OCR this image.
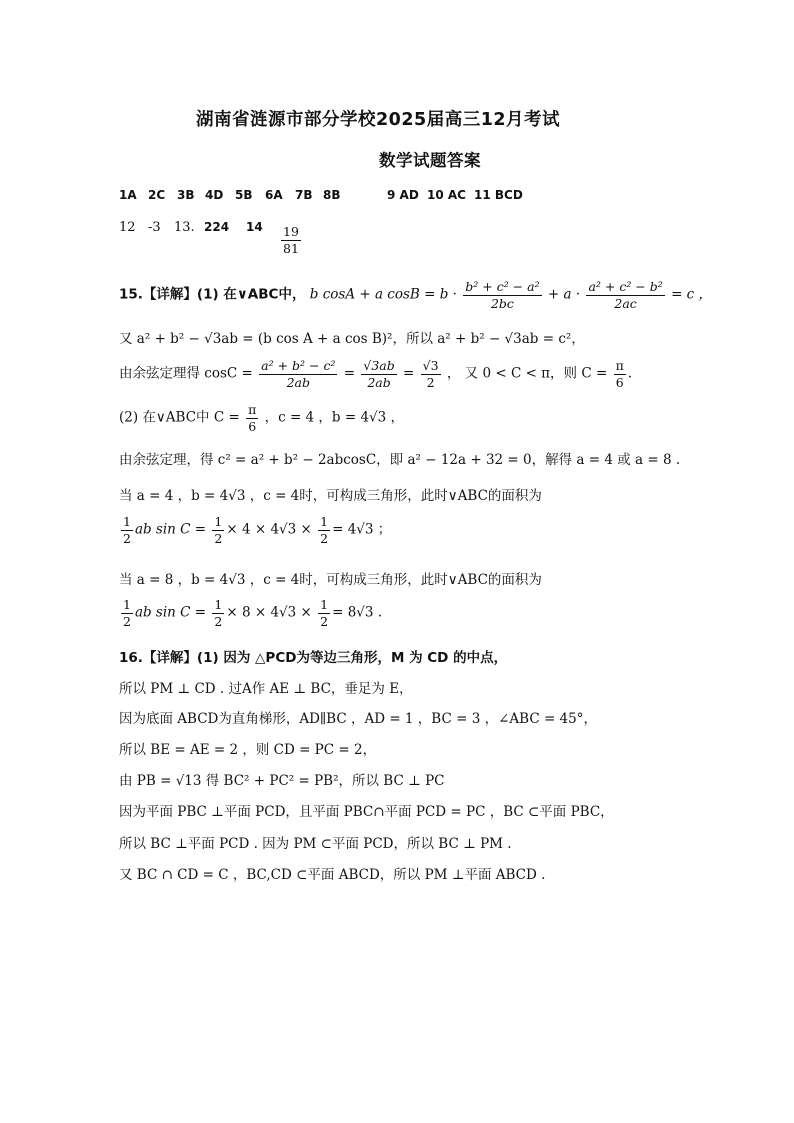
湖南省涟源市部分学校2025届高三12月考试
数学试题答案
1A 2C 3B 4D 5B 6A 7B 8B	9 AD 10 AC 11 BCD
12 -3 13. 224 $14 \frac{19}{81}$
15.【详解】(1) 在∨ABC中， b cosA + a $\cos B = b \cdot \frac{\text{b² + c² − a²}}{2bc} + a \cdot \frac{\text{a² + c² − b²}}{2ac} = c$ ，
又 a² + b² − √3ab = (b cos A + a cos B)²，所以 a² + b² − √3ab = c²，
由余弦定理得 $\cos C = \frac{\text{a² + b² − c²}}{2ab} = \frac{√3ab}{2ab} = \frac{√3}{2}$ ， 又 0 < C < π，则 $C = \frac{\pi}{6}$ .
(2) 在∨ABC中 $C = \frac{\pi}{6}$ ，c = 4 ，b = 4√3 ，
由余弦定理，得 c² = a² + b² − 2abcosC，即 a² − 12a + 32 = 0，解得 a = 4 或 a = 8 .
当 a = 4 ，b = 4√3 ，c = 4时，可构成三角形，此时∨ABC的面积为
$\frac{1}{2}$ ab $\sin C = \frac{1}{2} \times 4 \times 4√3 \times \frac{1}{2} = 4√3$ ；
当 a = 8 ，b = 4√3 ，c = 4时，可构成三角形，此时∨ABC的面积为
$\frac{1}{2}$ ab $\sin C = \frac{1}{2} \times 8 \times 4√3 \times \frac{1}{2} = 8√3$ .
16.【详解】(1) 因为 △PCD为等边三角形，M 为 CD 的中点，
所以 PM ⊥ CD . 过A作 AE ⊥ BC，垂足为 E，
因为底面 ABCD为直角梯形，AD∥BC ，AD = 1 ，BC = 3 ，∠ABC = 45°，
所以 BE = AE = 2 ，则 CD = PC = 2，
由 PB = √13 得 BC² + PC² = PB²，所以 BC ⊥ PC
因为平面 PBC ⊥平面 PCD，且平面 PBC∩平面 PCD = PC ，BC ⊂平面 PBC，
所以 BC ⊥平面 PCD . 因为 PM ⊂平面 PCD，所以 BC ⊥ PM .
又 BC ∩ CD = C ，BC,CD ⊂平面 ABCD，所以 PM ⊥平面 ABCD .
